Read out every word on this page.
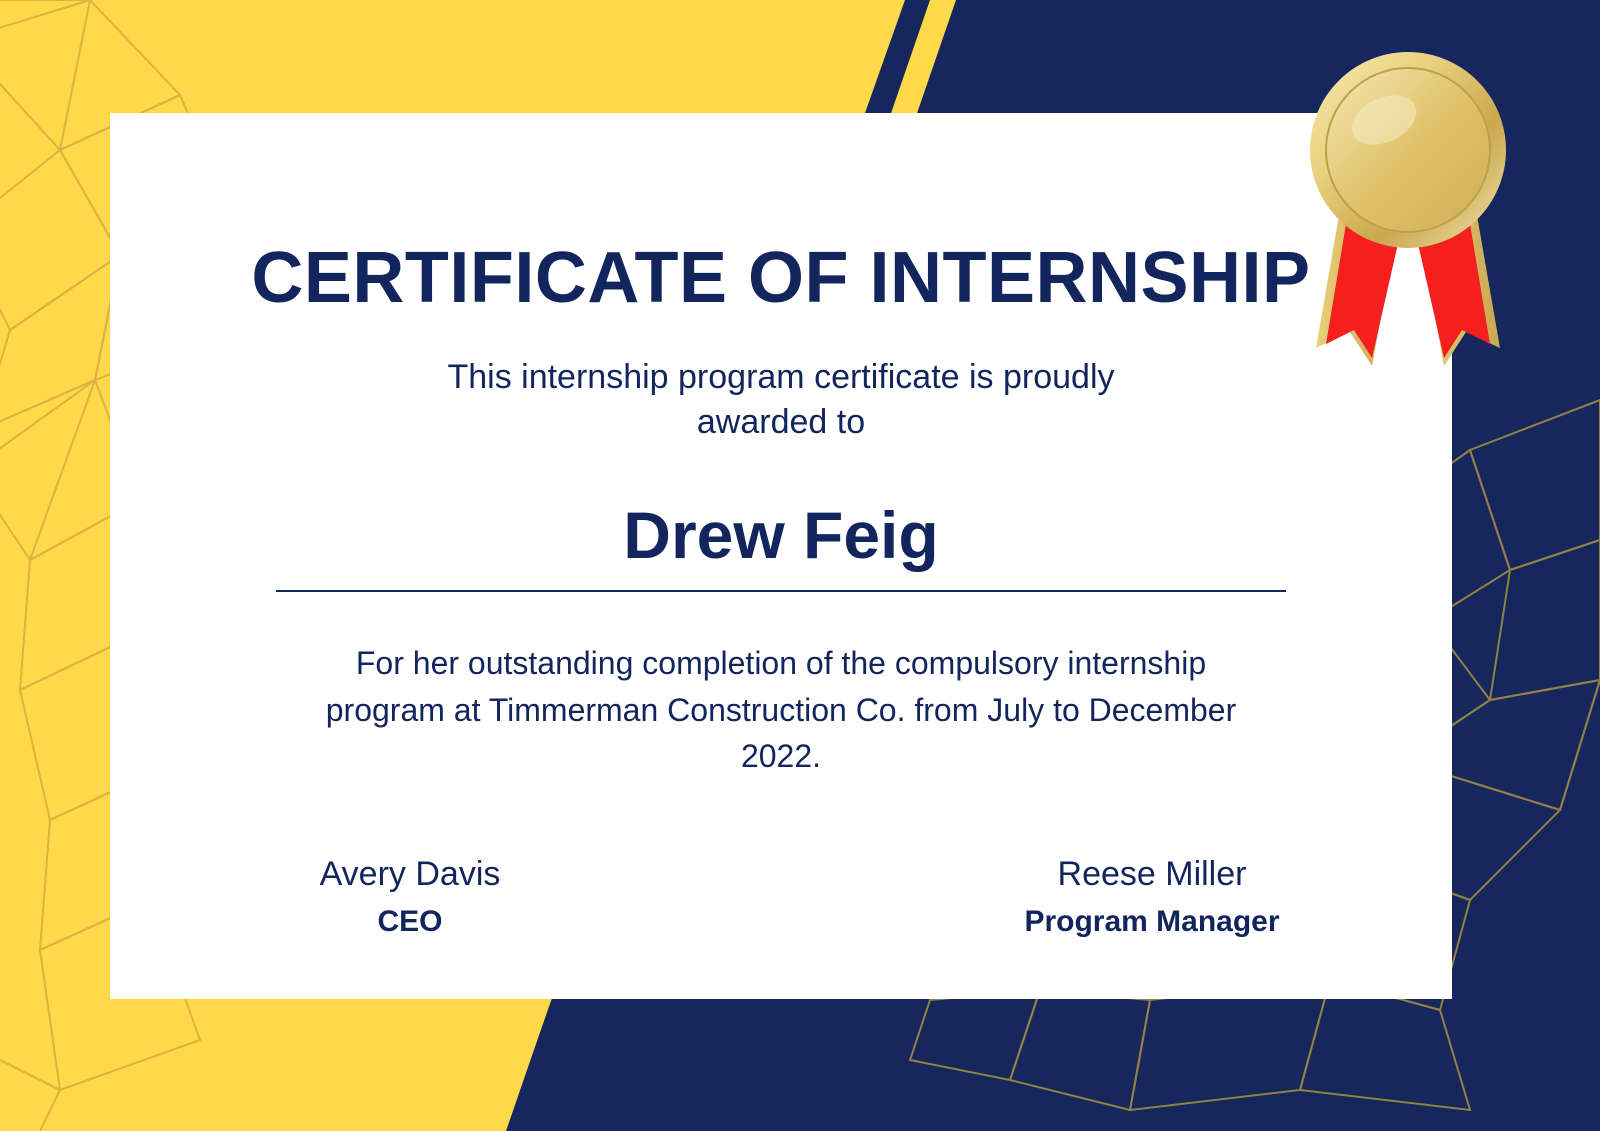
CERTIFICATE OF INTERNSHIP

This internship program certificate is proudly awarded to

Drew Feig

For her outstanding completion of the compulsory internship program at Timmerman Construction Co. from July to December 2022.

Avery Davis
CEO
Reese Miller
Program Manager
